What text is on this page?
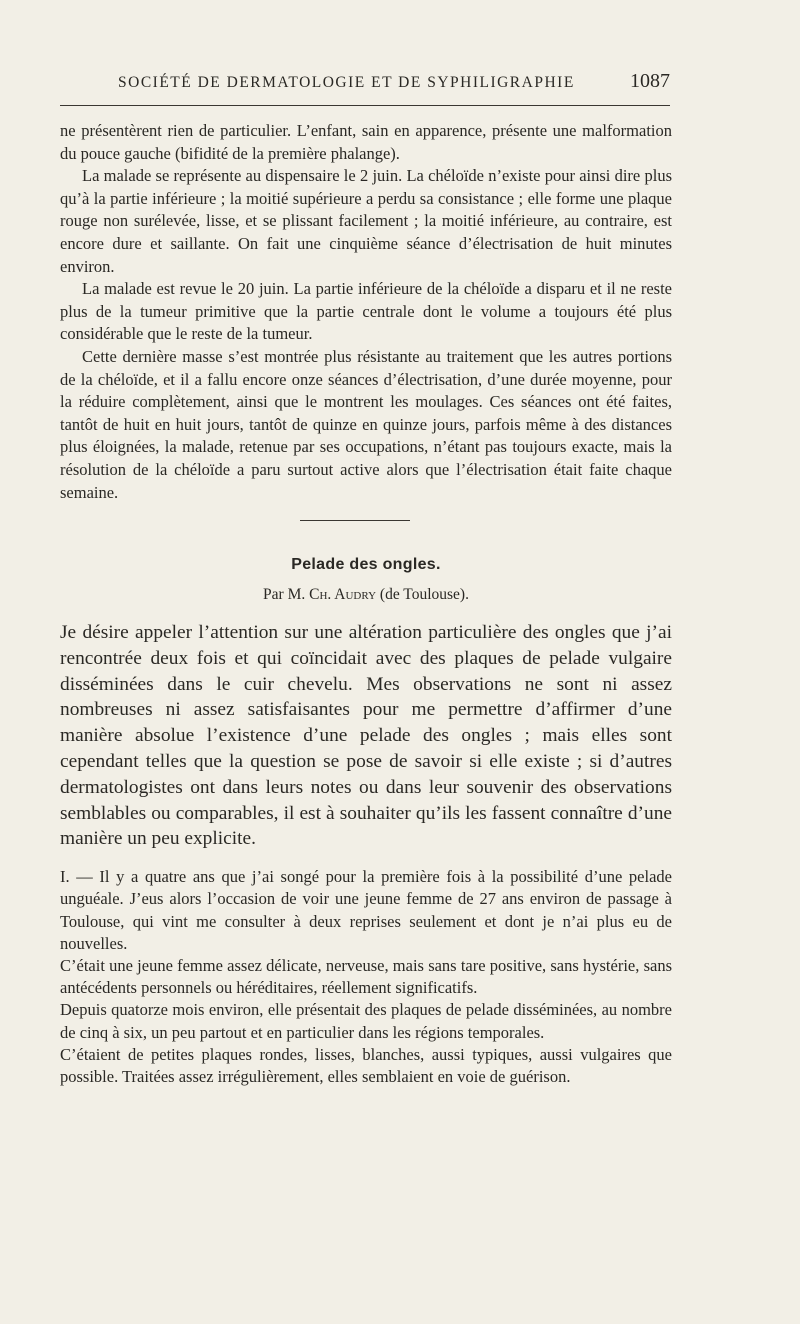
SOCIÉTÉ DE DERMATOLOGIE ET DE SYPHILIGRAPHIE	1087

ne présentèrent rien de particulier. L’enfant, sain en apparence, présente une malformation du pouce gauche (bifidité de la première phalange).

La malade se représente au dispensaire le 2 juin. La chéloïde n’existe pour ainsi dire plus qu’à la partie inférieure ; la moitié supérieure a perdu sa consistance ; elle forme une plaque rouge non surélevée, lisse, et se plissant facilement ; la moitié inférieure, au contraire, est encore dure et saillante. On fait une cinquième séance d’électrisation de huit minutes environ.

La malade est revue le 20 juin. La partie inférieure de la chéloïde a disparu et il ne reste plus de la tumeur primitive que la partie centrale dont le volume a toujours été plus considérable que le reste de la tumeur.

Cette dernière masse s’est montrée plus résistante au traitement que les autres portions de la chéloïde, et il a fallu encore onze séances d’électrisation, d’une durée moyenne, pour la réduire complètement, ainsi que le montrent les moulages. Ces séances ont été faites, tantôt de huit en huit jours, tantôt de quinze en quinze jours, parfois même à des distances plus éloignées, la malade, retenue par ses occupations, n’étant pas toujours exacte, mais la résolution de la chéloïde a paru surtout active alors que l’électrisation était faite chaque semaine.

Pelade des ongles.
Par M. Ch. Audry (de Toulouse).

Je désire appeler l’attention sur une altération particulière des ongles que j’ai rencontrée deux fois et qui coïncidait avec des plaques de pelade vulgaire disséminées dans le cuir chevelu. Mes observations ne sont ni assez nombreuses ni assez satisfaisantes pour me permettre d’affirmer d’une manière absolue l’existence d’une pelade des ongles ; mais elles sont cependant telles que la question se pose de savoir si elle existe ; si d’autres dermatologistes ont dans leurs notes ou dans leur souvenir des observations semblables ou comparables, il est à souhaiter qu’ils les fassent connaître d’une manière un peu explicite.

I. — Il y a quatre ans que j’ai songé pour la première fois à la possibilité d’une pelade unguéale. J’eus alors l’occasion de voir une jeune femme de 27 ans environ de passage à Toulouse, qui vint me consulter à deux reprises seulement et dont je n’ai plus eu de nouvelles.

C’était une jeune femme assez délicate, nerveuse, mais sans tare positive, sans hystérie, sans antécédents personnels ou héréditaires, réellement significatifs.

Depuis quatorze mois environ, elle présentait des plaques de pelade disséminées, au nombre de cinq à six, un peu partout et en particulier dans les régions temporales.

C’étaient de petites plaques rondes, lisses, blanches, aussi typiques, aussi vulgaires que possible. Traitées assez irrégulièrement, elles semblaient en voie de guérison.
